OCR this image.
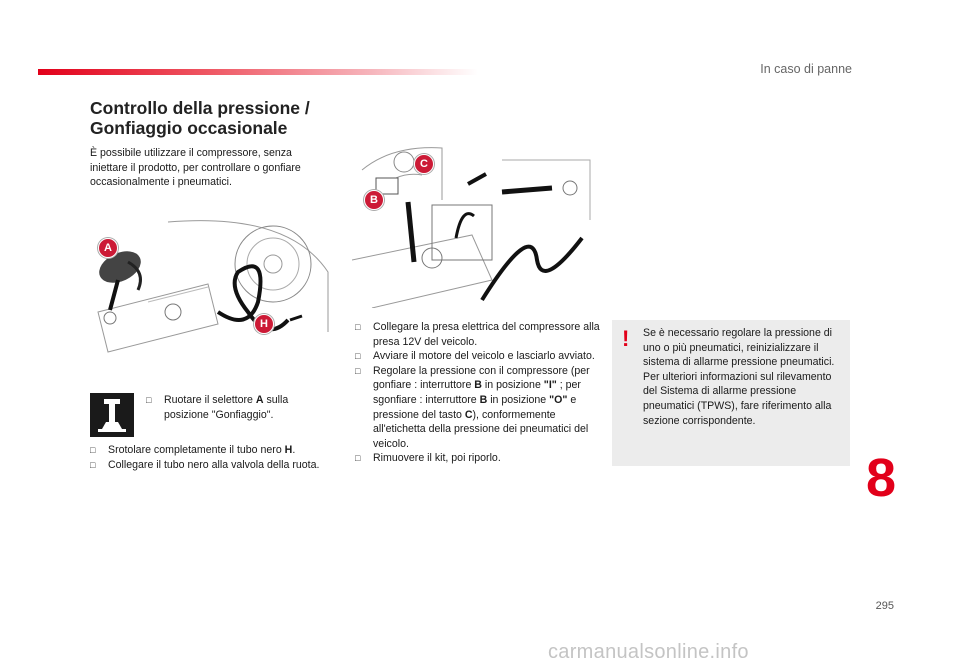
In caso di panne
Controllo della pressione /
Gonfiaggio occasionale
È possibile utilizzare il compressore, senza iniettare il prodotto, per controllare o gonfiare occasionalmente i pneumatici.
A
H
B
C
□ Ruotare il selettore A sulla posizione "Gonfiaggio".
□ Srotolare completamente il tubo nero H.
□ Collegare il tubo nero alla valvola della ruota.
□ Collegare la presa elettrica del compressore alla presa 12V del veicolo.
□ Avviare il motore del veicolo e lasciarlo avviato.
□ Regolare la pressione con il compressore (per gonfiare : interruttore B in posizione "I" ; per sgonfiare : interruttore B in posizione "O" e pressione del tasto C), conformemente all'etichetta della pressione dei pneumatici del veicolo.
□ Rimuovere il kit, poi riporlo.
! Se è necessario regolare la pressione di uno o più pneumatici, reinizializzare il sistema di allarme pressione pneumatici.
Per ulteriori informazioni sul rilevamento del Sistema di allarme pressione pneumatici (TPWS), fare riferimento alla sezione corrispondente.
8
295
carmanualsonline.info
